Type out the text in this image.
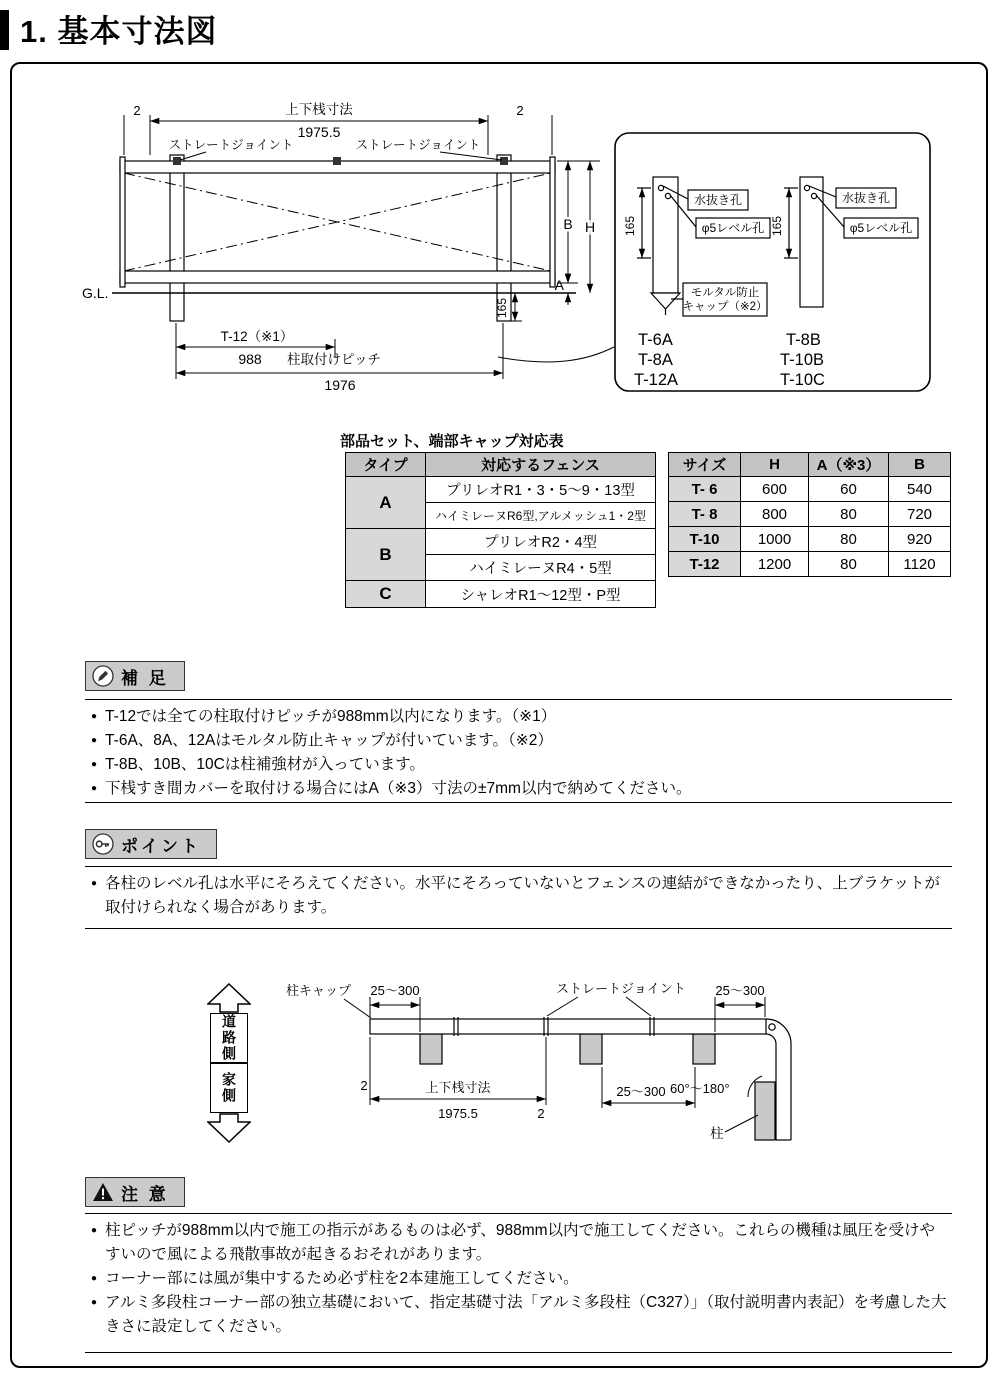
1. 基本寸法図
2	2
上下桟寸法
1975.5
ストレートジョイント	ストレートジョイント
G.L.
B H
A
165
T-12（※1）
988 柱取付けピッチ
1976
水抜き孔
φ5レベル孔
モルタル防止
キャップ（※2）
165
水抜き孔
φ5レベル孔
165
T-6A
T-8A
T-12A
T-8B
T-10B
T-10C
部品セット、端部キャップ対応表
タイプ	対応するフェンス
A	プリレオR1・3・5〜9・13型
	ハイミレーヌR6型,アルメッシュ1・2型
B	プリレオR2・4型
	ハイミレーヌR4・5型
C	シャレオR1〜12型・P型
サイズ	H	A（※3）	B
T- 6	600	60	540
T- 8	800	80	720
T-10	1000	80	920
T-12	1200	80	1120
補 足
● T-12では全ての柱取付けピッチが988mm以内になります。（※1）
● T-6A、8A、12Aはモルタル防止キャップが付いています。（※2）
● T-8B、10B、10Cは柱補強材が入っています。
● 下桟すき間カバーを取付ける場合にはA（※3）寸法の±7mm以内で納めてください。
ポイント
● 各柱のレベル孔は水平にそろえてください。水平にそろっていないとフェンスの連結ができなかったり、上ブラケットが取付けられなく場合があります。
道路側
家側
柱キャップ 25〜300	ストレートジョイント 25〜300
2	上下桟寸法
1975.5	2
25〜300 60°〜180°
柱
注 意
● 柱ピッチが988mm以内で施工の指示があるものは必ず、988mm以内で施工してください。これらの機種は風圧を受けやすいので風による飛散事故が起きるおそれがあります。
● コーナー部には風が集中するため必ず柱を2本建施工してください。
● アルミ多段柱コーナー部の独立基礎において、指定基礎寸法「アルミ多段柱（C327）」（取付説明書内表記）を考慮した大きさに設定してください。
